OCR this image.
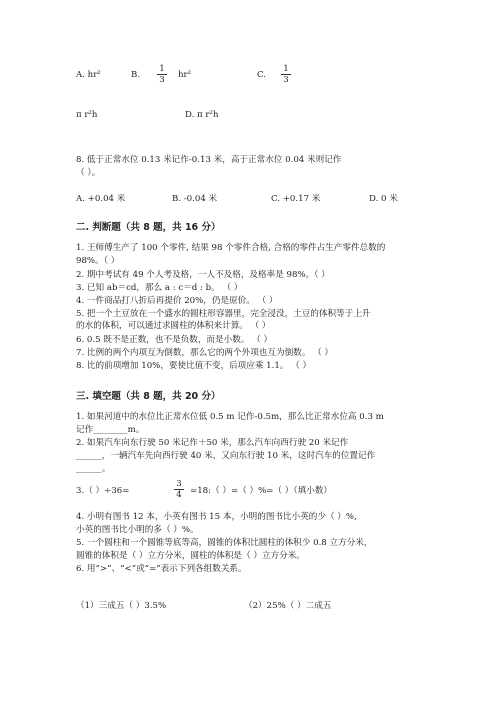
A. hr²	B. $\frac{1}{3} hr^2$	C. $\frac{1}{3}$
π r²h	D. π r²h
8. 低于正常水位 0.13 米记作-0.13 米，高于正常水位 0.04 米则记作
（ ）。
A. +0.04 米	B. -0.04 米	C. +0.17 米	D. 0 米
二. 判断题（共 8 题，共 16 分）
1. 王师傅生产了 100 个零件, 结果 98 个零件合格, 合格的零件占生产零件总数的
98%。（ ）
2. 期中考试有 49 个人考及格，一人不及格，及格率是 98%。（ ）
3. 已知 ab＝cd，那么 a : c＝d : b。 （ ）
4. 一件商品打八折后再提价 20%，仍是原价。 （ ）
5. 把一个土豆放在一个盛水的圆柱形容器里，完全浸没，土豆的体积等于上升
的水的体积，可以通过求圆柱的体积来计算。 （ ）
6. 0.5 既不是正数，也不是负数，而是小数。 （ ）
7. 比例的两个内项互为倒数，那么它的两个外项也互为倒数。 （ ）
8. 比的前项增加 10%，要使比值不变，后项应乘 1.1。 （ ）
三. 填空题（共 8 题，共 20 分）
1. 如果河道中的水位比正常水位低 0.5 m 记作-0.5m，那么比正常水位高 0.3 m
记作________m。
2. 如果汽车向东行驶 50 米记作＋50 米，那么汽车向西行驶 20 米记作
______，一辆汽车先向西行驶 40 米，又向东行驶 10 米，这时汽车的位置记作
______。
3.（ ）÷36=	$\frac{3}{4}$ =18:（ ）=（ ）%=（ ）（填小数）
4. 小明有图书 12 本，小英有图书 15 本，小明的图书比小英的少（ ）%,
小英的图书比小明的多（ ）%。
5. 一个圆柱和一个圆锥等底等高，圆锥的体积比圆柱的体积少 0.8 立方分米，
圆锥的体积是（ ）立方分米，圆柱的体积是（ ）立方分米。
6. 用“>”、“<”或“=”表示下列各组数关系。
（1）三成五（ ）3.5%	（2）25%（ ）二成五
